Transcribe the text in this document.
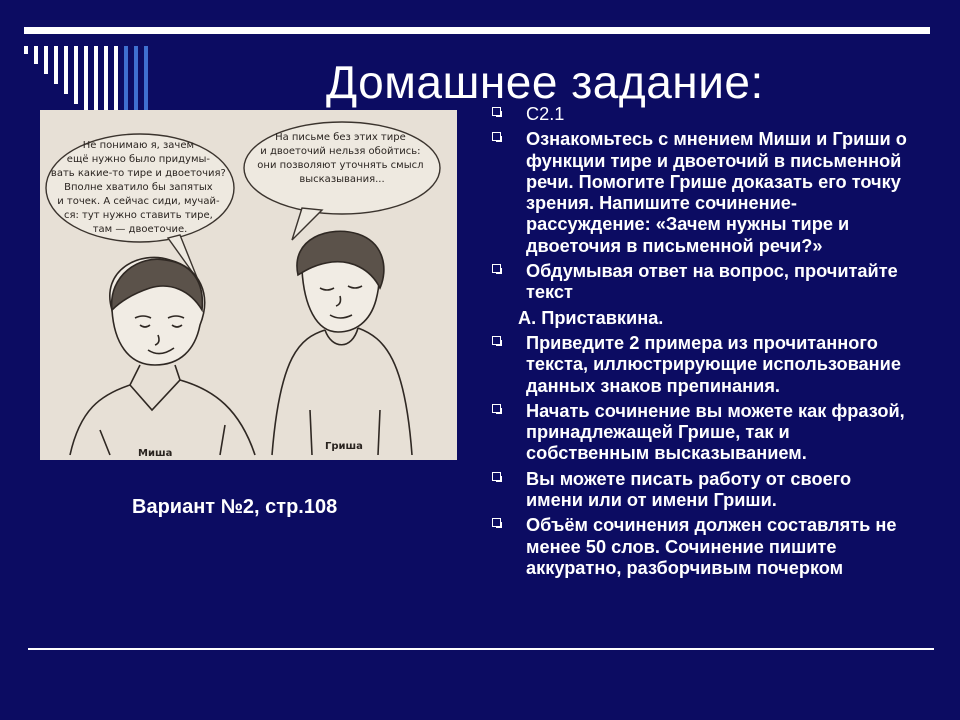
Домашнее задание:
Не понимаю я, зачем ещё нужно было придумы- вать какие-то тире и двоеточия? Вполне хватило бы запятых и точек. А сейчас сиди, мучай- ся: тут нужно ставить тире, там — двоеточие.
На письме без этих тире и двоеточий нельзя обойтись: они позволяют уточнять смысл высказывания...
Миша
Гриша
Вариант №2, стр.108
С2.1
Ознакомьтесь с мнением Миши и Гриши о функции тире и двоеточий в письменной речи. Помогите Грише доказать его точку зрения. Напишите сочинение-рассуждение: «Зачем нужны тире и двоеточия в письменной речи?»
Обдумывая ответ на вопрос, прочитайте текст
А. Приставкина.
Приведите 2 примера из прочитанного текста, иллюстрирующие использование данных знаков препинания.
Начать сочинение вы можете как фразой, принадлежащей Грише, так и собственным высказыванием.
Вы можете писать работу от своего имени или от имени Гриши.
Объём сочинения должен составлять не менее 50 слов. Сочинение пишите аккуратно, разборчивым почерком
